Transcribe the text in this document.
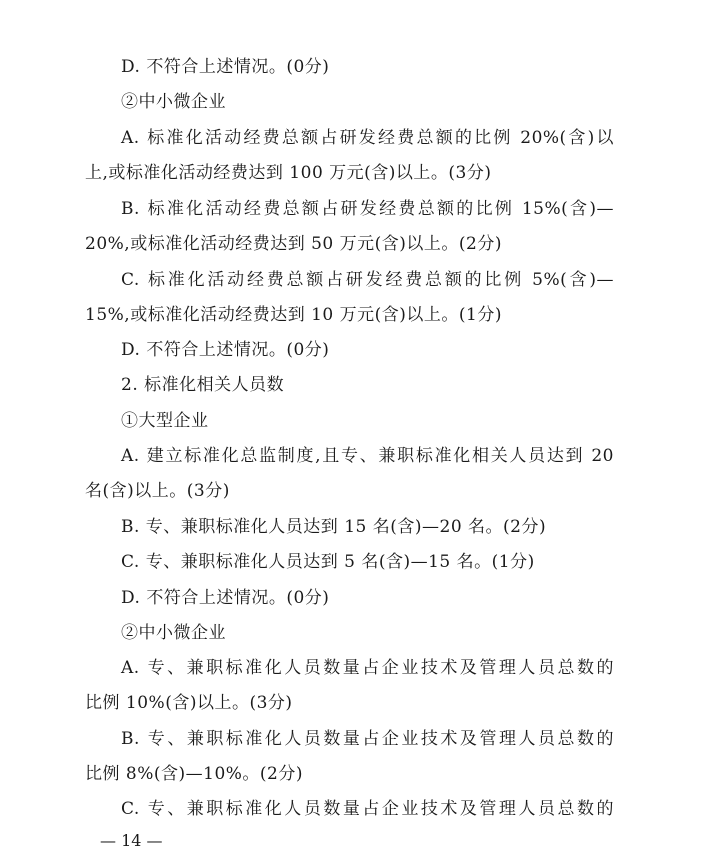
D. 不符合上述情况。(0分)
②中小微企业
A. 标准化活动经费总额占研发经费总额的比例 20%(含)以
上,或标准化活动经费达到 100 万元(含)以上。(3分)
B. 标准化活动经费总额占研发经费总额的比例 15%(含)—
20%,或标准化活动经费达到 50 万元(含)以上。(2分)
C. 标准化活动经费总额占研发经费总额的比例 5%(含)—
15%,或标准化活动经费达到 10 万元(含)以上。(1分)
D. 不符合上述情况。(0分)
2. 标准化相关人员数
①大型企业
A. 建立标准化总监制度,且专、兼职标准化相关人员达到 20
名(含)以上。(3分)
B. 专、兼职标准化人员达到 15 名(含)—20 名。(2分)
C. 专、兼职标准化人员达到 5 名(含)—15 名。(1分)
D. 不符合上述情况。(0分)
②中小微企业
A. 专、兼职标准化人员数量占企业技术及管理人员总数的
比例 10%(含)以上。(3分)
B. 专、兼职标准化人员数量占企业技术及管理人员总数的
比例 8%(含)—10%。(2分)
C. 专、兼职标准化人员数量占企业技术及管理人员总数的
— 14 —
